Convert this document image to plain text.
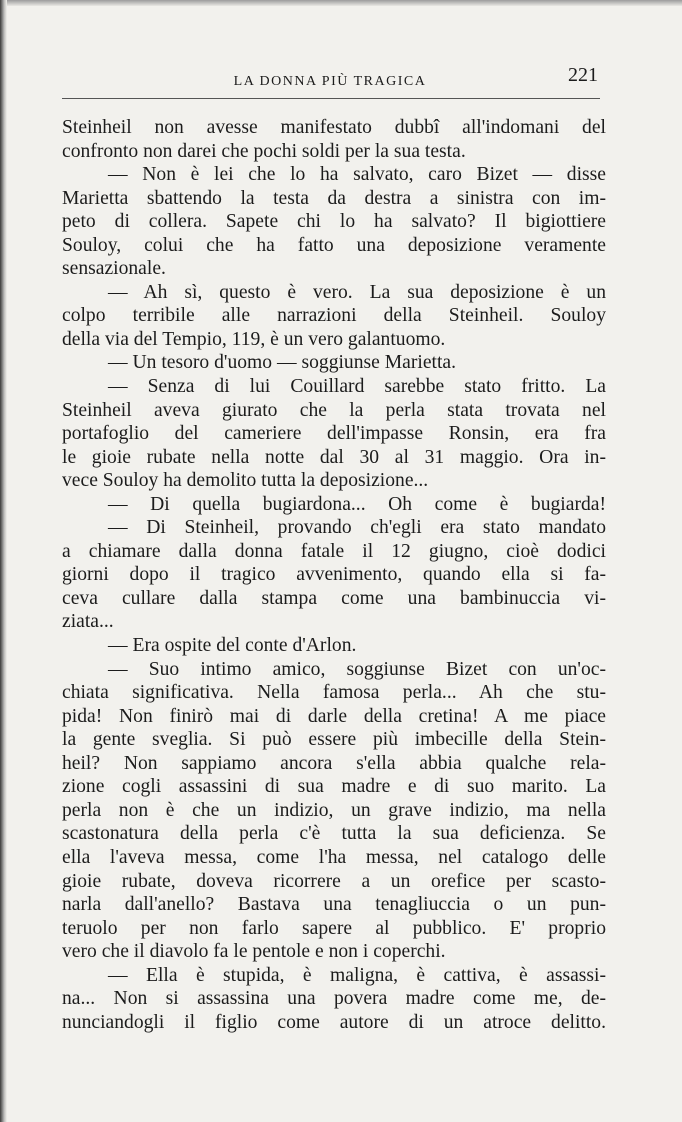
LA DONNA PIÙ TRAGICA	221
Steinheil non avesse manifestato dubbî all'indomani del
confronto non darei che pochi soldi per la sua testa.
— Non è lei che lo ha salvato, caro Bizet — disse
Marietta sbattendo la testa da destra a sinistra con im-
peto di collera. Sapete chi lo ha salvato? Il bigiottiere
Souloy, colui che ha fatto una deposizione veramente
sensazionale.
— Ah sì, questo è vero. La sua deposizione è un
colpo terribile alle narrazioni della Steinheil. Souloy
della via del Tempio, 119, è un vero galantuomo.
— Un tesoro d'uomo — soggiunse Marietta.
— Senza di lui Couillard sarebbe stato fritto. La
Steinheil aveva giurato che la perla stata trovata nel
portafoglio del cameriere dell'impasse Ronsin, era fra
le gioie rubate nella notte dal 30 al 31 maggio. Ora in-
vece Souloy ha demolito tutta la deposizione...
— Di quella bugiardona... Oh come è bugiarda!
— Di Steinheil, provando ch'egli era stato mandato
a chiamare dalla donna fatale il 12 giugno, cioè dodici
giorni dopo il tragico avvenimento, quando ella si fa-
ceva cullare dalla stampa come una bambinuccia vi-
ziata...
— Era ospite del conte d'Arlon.
— Suo intimo amico, soggiunse Bizet con un'oc-
chiata significativa. Nella famosa perla... Ah che stu-
pida! Non finirò mai di darle della cretina! A me piace
la gente sveglia. Si può essere più imbecille della Stein-
heil? Non sappiamo ancora s'ella abbia qualche rela-
zione cogli assassini di sua madre e di suo marito. La
perla non è che un indizio, un grave indizio, ma nella
scastonatura della perla c'è tutta la sua deficienza. Se
ella l'aveva messa, come l'ha messa, nel catalogo delle
gioie rubate, doveva ricorrere a un orefice per scasto-
narla dall'anello? Bastava una tenagliuccia o un pun-
teruolo per non farlo sapere al pubblico. E' proprio
vero che il diavolo fa le pentole e non i coperchi.
— Ella è stupida, è maligna, è cattiva, è assassi-
na... Non si assassina una povera madre come me, de-
nunciandogli il figlio come autore di un atroce delitto.
